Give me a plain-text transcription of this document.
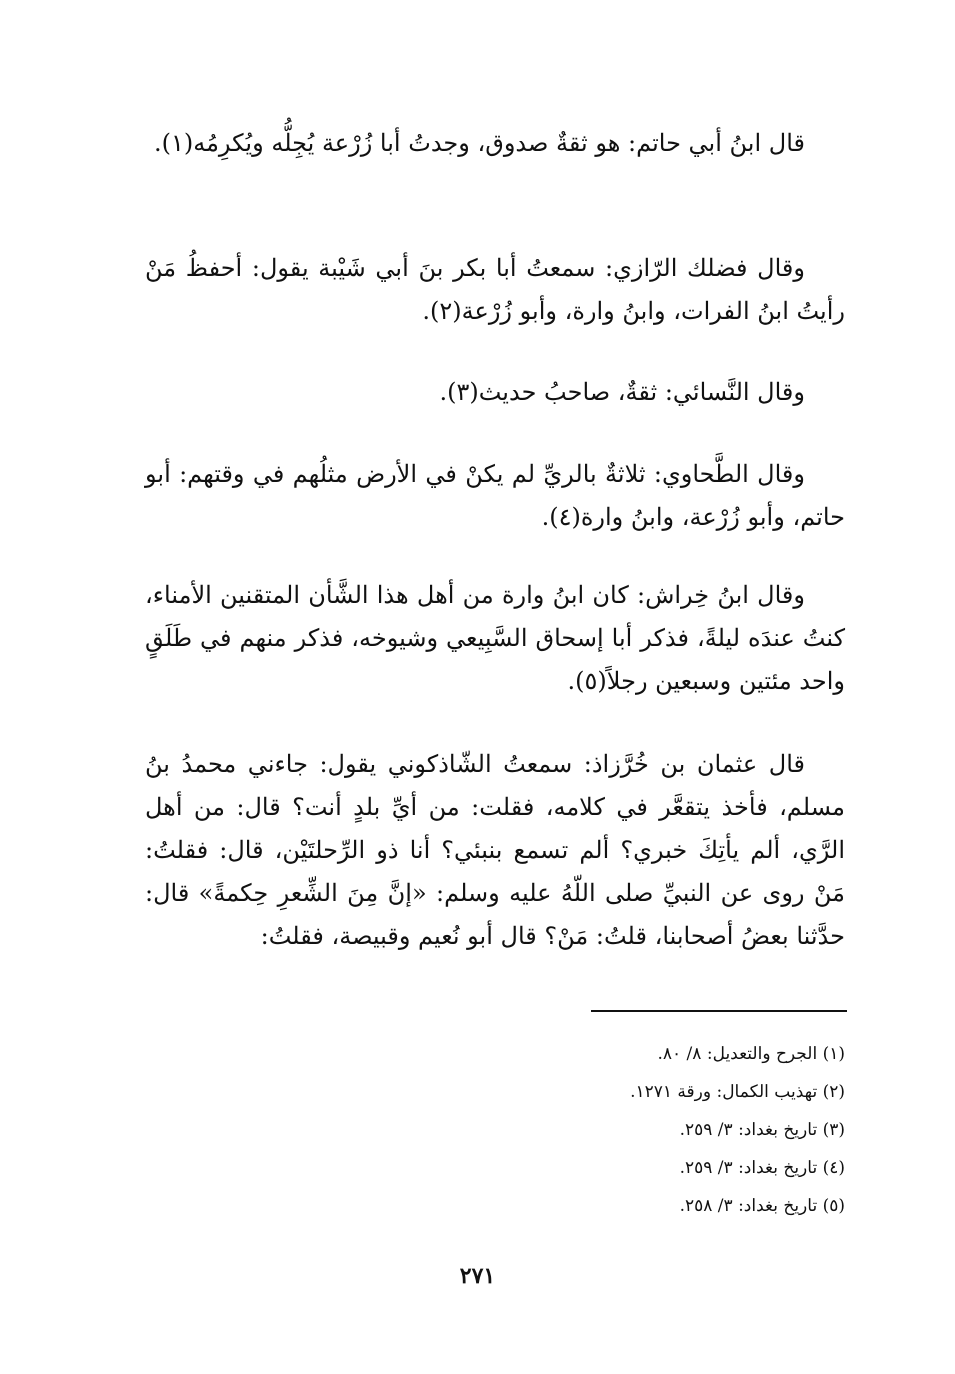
قال ابنُ أبي حاتم: هو ثقةٌ صدوق، وجدتُ أبا زُرْعة يُجِلُّه ويُكرِمُه(١).

وقال فضلك الرّازي: سمعتُ أبا بكر بنَ أبي شَيْبة يقول: أحفظُ مَنْ رأيتُ ابنُ الفرات، وابنُ وارة، وأبو زُرْعة(٢).

وقال النَّسائي: ثقةٌ، صاحبُ حديث(٣).

وقال الطَّحاوي: ثلاثةٌ بالريِّ لم يكنْ في الأرض مثلُهم في وقتهم: أبو حاتم، وأبو زُرْعة، وابنُ وارة(٤).

وقال ابنُ خِراش: كان ابنُ وارة من أهل هذا الشَّأن المتقنين الأمناء، كنتُ عندَه ليلةً، فذكر أبا إسحاق السَّبِيعي وشيوخه، فذكر منهم في طَلَقٍ واحد مئتين وسبعين رجلاً(٥).

قال عثمان بن خُرَّزاذ: سمعتُ الشّاذكوني يقول: جاءني محمدُ بنُ مسلم، فأخذ يتقعَّر في كلامه، فقلت: من أيِّ بلدٍ أنت؟ قال: من أهل الرَّي، ألم يأتِكَ خبري؟ ألم تسمع بنبئي؟ أنا ذو الرِّحلتَيْن، قال: فقلتُ: مَنْ روى عن النبيِّ صلى اللّهُ عليه وسلم: «إنَّ مِنَ الشِّعرِ حِكمةً» قال: حدَّثنا بعضُ أصحابنا، قلتُ: مَنْ؟ قال أبو نُعيم وقبيصة، فقلتُ:

(١) الجرح والتعديل: ٨/ ٨٠.
(٢) تهذيب الكمال: ورقة ١٢٧١.
(٣) تاريخ بغداد: ٣/ ٢٥٩.
(٤) تاريخ بغداد: ٣/ ٢٥٩.
(٥) تاريخ بغداد: ٣/ ٢٥٨.
٢٧١
